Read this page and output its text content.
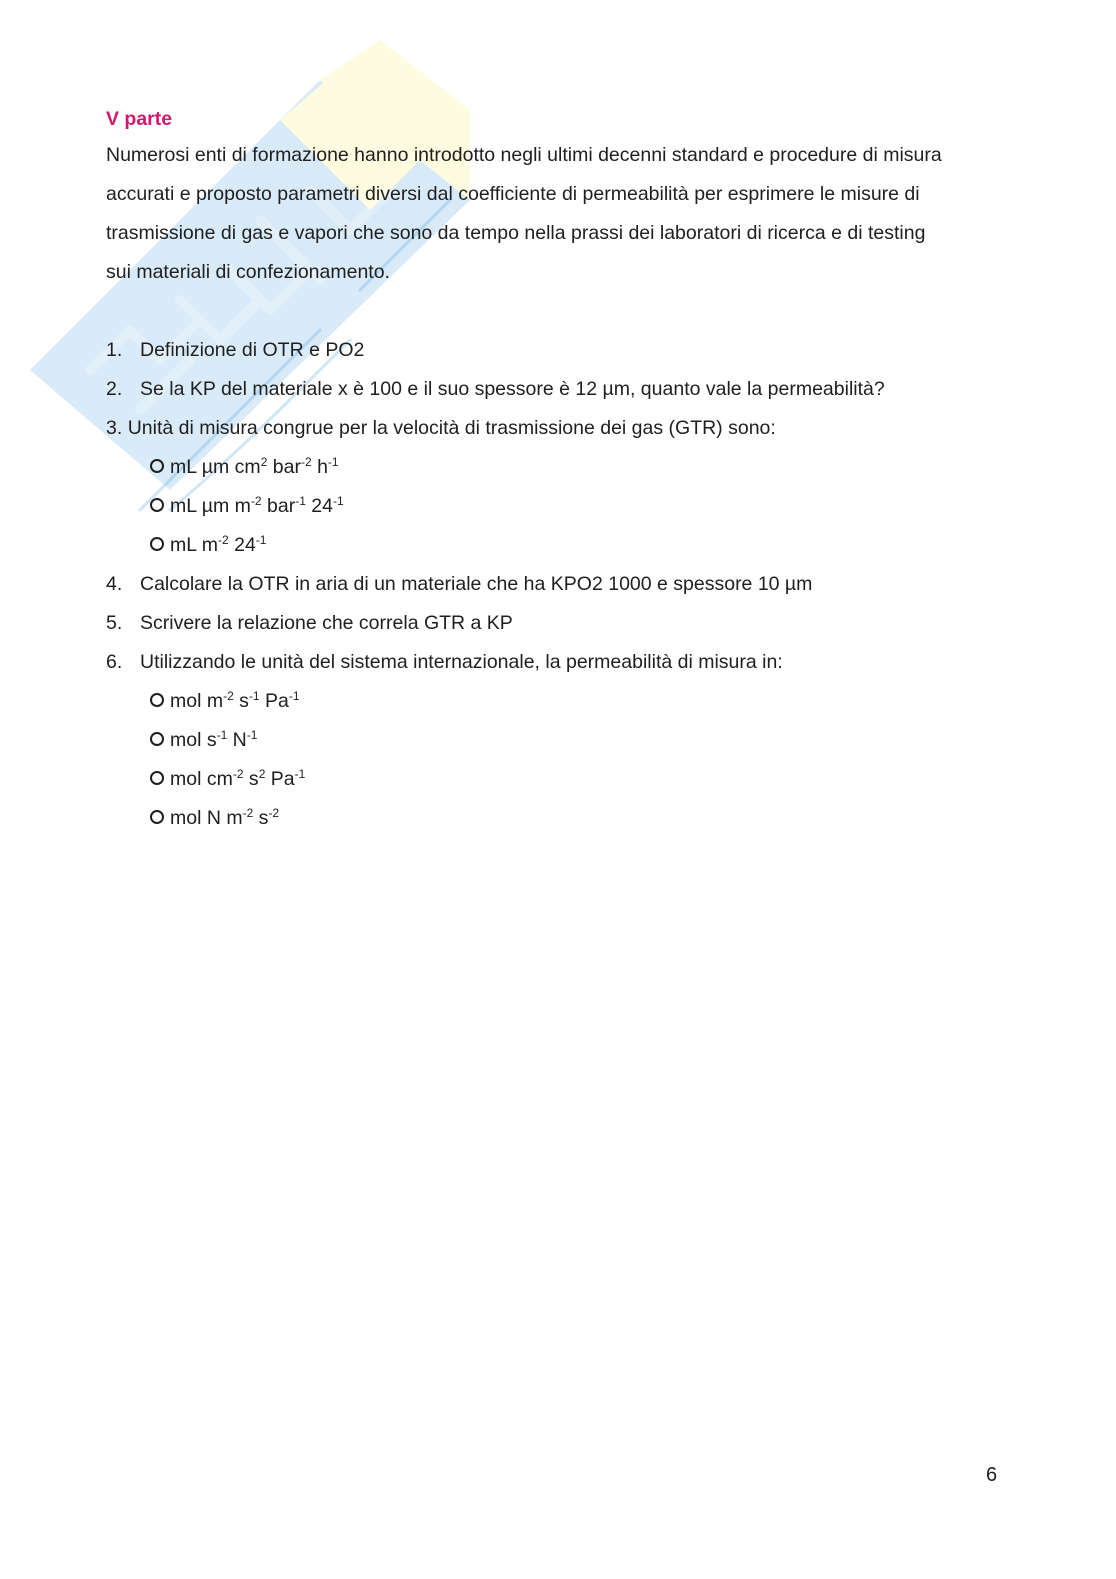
V parte

Numerosi enti di formazione hanno introdotto negli ultimi decenni standard e procedure di misura
accurati e proposto parametri diversi dal coefficiente di permeabilità per esprimere le misure di
trasmissione di gas e vapori che sono da tempo nella prassi dei laboratori di ricerca e di testing
sui materiali di confezionamento.

1. Definizione di OTR e PO2
2. Se la KP del materiale x è 100 e il suo spessore è 12 µm, quanto vale la permeabilità?
3. Unità di misura congrue per la velocità di trasmissione dei gas (GTR) sono:
mL µm $cm^2$ bar$^{-2}$ $h^{-1}$
mL µm $m^{-2}$ bar$^{-1}$ $24^{-1}$
mL $m^{-2}$ $24^{-1}$
4. Calcolare la OTR in aria di un materiale che ha KPO2 1000 e spessore 10 µm
5. Scrivere la relazione che correla GTR a KP
6. Utilizzando le unità del sistema internazionale, la permeabilità di misura in:
mol $m^{-2}$ $s^{-1}$ $Pa^{-1}$
mol $s^{-1}$ $N^{-1}$
mol $cm^{-2}$ $s^2$ $Pa^{-1}$
mol N $m^{-2}$ $s^{-2}$
6
